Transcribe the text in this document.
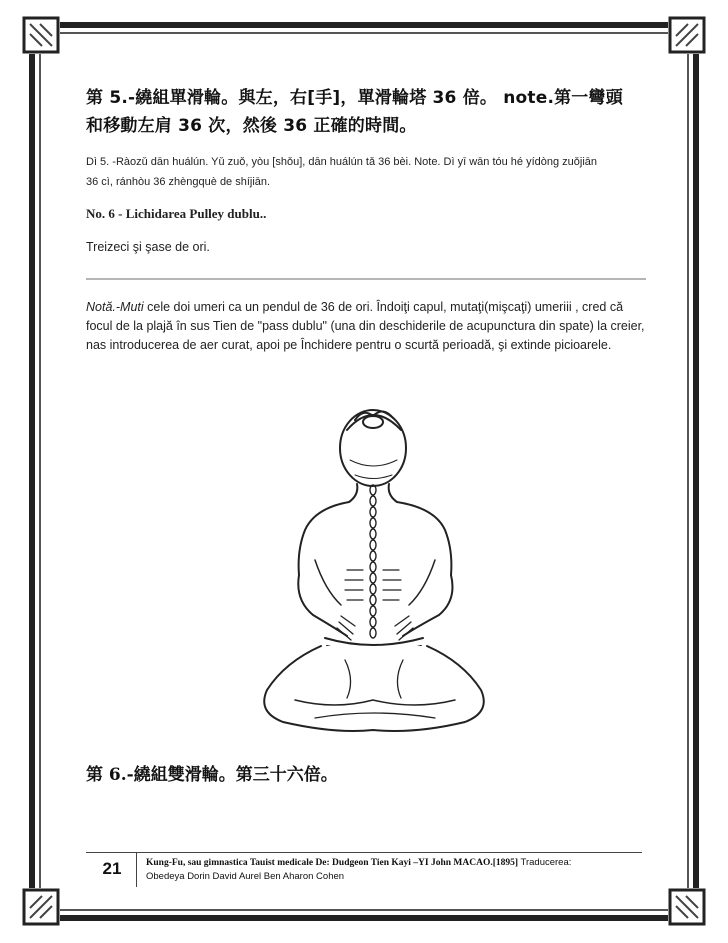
第 5.-繞組單滑輪。與左，右[手]，單滑輪塔 36 倍。 note.第一彎頭

和移動左肩 36 次，然後 36 正確的時間。

Dì 5. -Ràozǔ dān huálún. Yǔ zuǒ, yòu [shǒu], dān huálún tǎ 36 bèi. Note. Dì yī wān tóu hé yídòng zuǒjiān
36 cì, ránhòu 36 zhèngquè de shíjiān.

No. 6 - Lichidarea Pulley dublu..

Treizeci şi şase de ori.

Notă.-Muti cele doi umeri ca un pendul de 36 de ori. Îndoiţi capul, mutaţi(mişcaţi) umeriii , cred că focul de la plajă în sus Tien de "pass dublu" (una din deschiderile de acupunctura din spate) la creier, nas introducerea de aer curat, apoi pe Închidere pentru o scurtă perioadă, şi extinde picioarele.

第 6.-繞組雙滑輪。第三十六倍。
21	Kung-Fu, sau gimnastica Tauist medicale De: Dudgeon Tien Kayi –YI John MACAO.[1895] Traducerea:
Obedeya Dorin David Aurel Ben Aharon Cohen
